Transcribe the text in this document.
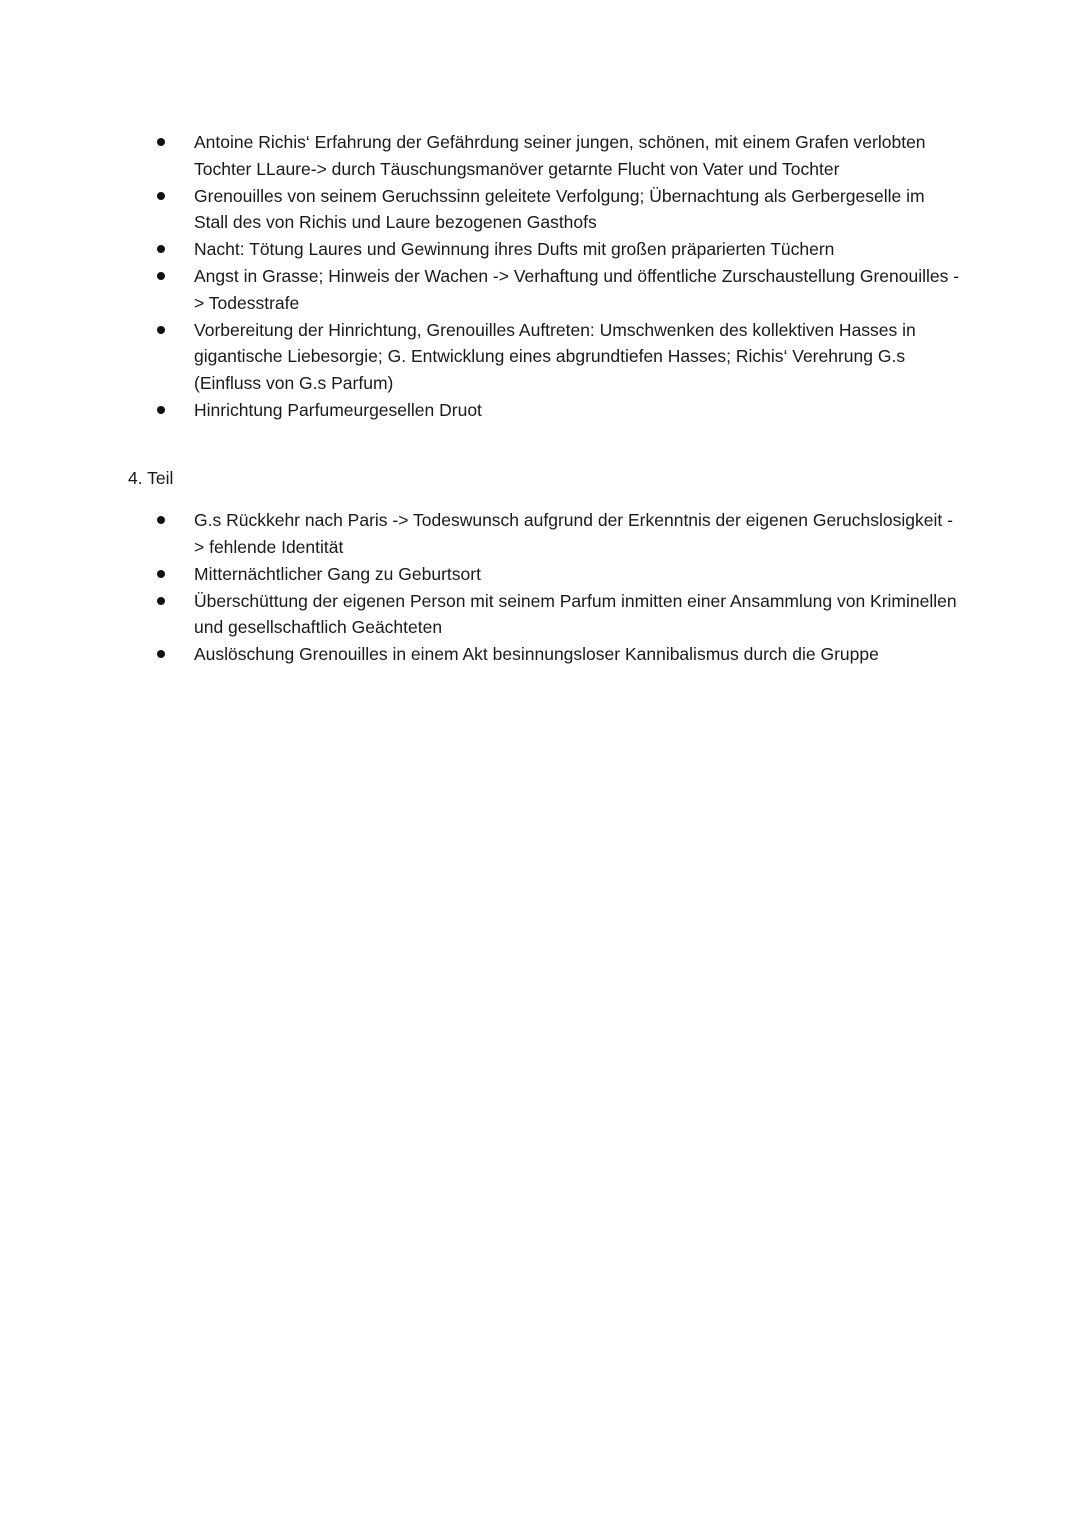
Antoine Richis‘ Erfahrung der Gefährdung seiner jungen, schönen, mit einem Grafen verlobten Tochter LLaure-> durch Täuschungsmanöver getarnte Flucht von Vater und Tochter
Grenouilles von seinem Geruchssinn geleitete Verfolgung; Übernachtung als Gerbergeselle im Stall des von Richis und Laure bezogenen Gasthofs
Nacht: Tötung Laures und Gewinnung ihres Dufts mit großen präparierten Tüchern
Angst in Grasse; Hinweis der Wachen -> Verhaftung und öffentliche Zurschaustellung Grenouilles -> Todesstrafe
Vorbereitung der Hinrichtung, Grenouilles Auftreten: Umschwenken des kollektiven Hasses in gigantische Liebesorgie; G. Entwicklung eines abgrundtiefen Hasses; Richis‘ Verehrung G.s (Einfluss von G.s Parfum)
Hinrichtung Parfumeurgesellen Druot
4. Teil
G.s Rückkehr nach Paris -> Todeswunsch aufgrund der Erkenntnis der eigenen Geruchslosigkeit -> fehlende Identität
Mitternächtlicher Gang zu Geburtsort
Überschüttung der eigenen Person mit seinem Parfum inmitten einer Ansammlung von Kriminellen und gesellschaftlich Geächteten
Auslöschung Grenouilles in einem Akt besinnungsloser Kannibalismus durch die Gruppe
